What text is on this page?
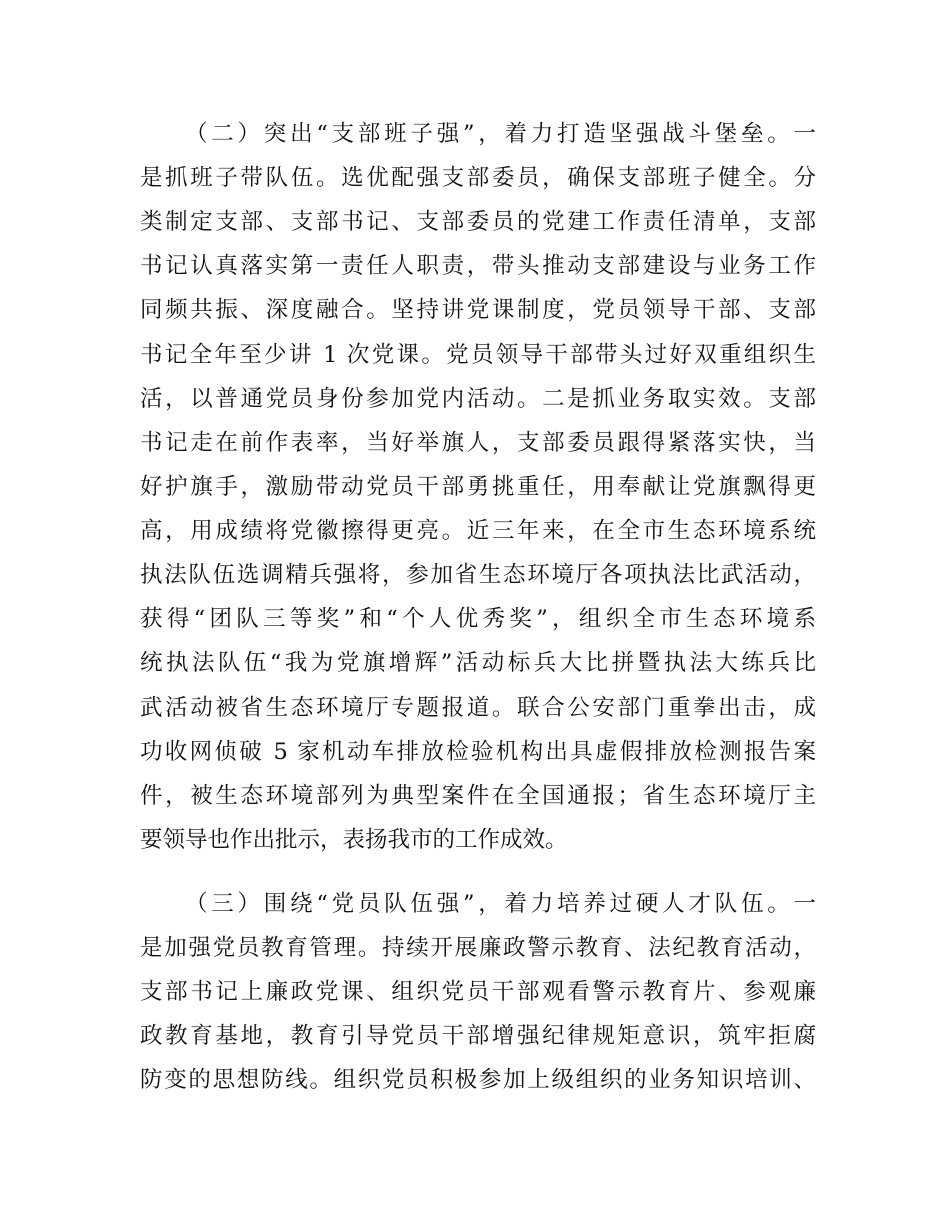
（二）突出“支部班子强”，着力打造坚强战斗堡垒。一
是抓班子带队伍。选优配强支部委员，确保支部班子健全。分
类制定支部、支部书记、支部委员的党建工作责任清单，支部
书记认真落实第一责任人职责，带头推动支部建设与业务工作
同频共振、深度融合。坚持讲党课制度，党员领导干部、支部
书记全年至少讲 1 次党课。党员领导干部带头过好双重组织生
活，以普通党员身份参加党内活动。二是抓业务取实效。支部
书记走在前作表率，当好举旗人，支部委员跟得紧落实快，当
好护旗手，激励带动党员干部勇挑重任，用奉献让党旗飘得更
高，用成绩将党徽擦得更亮。近三年来，在全市生态环境系统
执法队伍选调精兵强将，参加省生态环境厅各项执法比武活动，
获得“团队三等奖”和“个人优秀奖”，组织全市生态环境系
统执法队伍“我为党旗增辉”活动标兵大比拼暨执法大练兵比
武活动被省生态环境厅专题报道。联合公安部门重拳出击，成
功收网侦破 5 家机动车排放检验机构出具虚假排放检测报告案
件，被生态环境部列为典型案件在全国通报；省生态环境厅主
要领导也作出批示，表扬我市的工作成效。
（三）围绕“党员队伍强”，着力培养过硬人才队伍。一
是加强党员教育管理。持续开展廉政警示教育、法纪教育活动，
支部书记上廉政党课、组织党员干部观看警示教育片、参观廉
政教育基地，教育引导党员干部增强纪律规矩意识，筑牢拒腐
防变的思想防线。组织党员积极参加上级组织的业务知识培训、
